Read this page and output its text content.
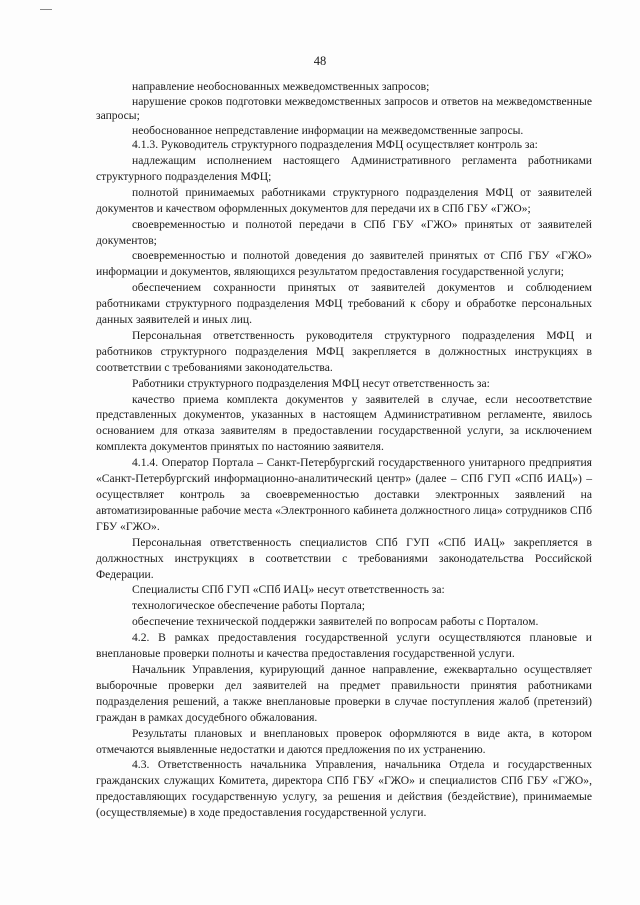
48

направление необоснованных межведомственных запросов;

нарушение сроков подготовки межведомственных запросов и ответов на межведомственные запросы;

необоснованное непредставление информации на межведомственные запросы.

4.1.3. Руководитель структурного подразделения МФЦ осуществляет контроль за:

надлежащим исполнением настоящего Административного регламента работниками структурного подразделения МФЦ;

полнотой принимаемых работниками структурного подразделения МФЦ от заявителей документов и качеством оформленных документов для передачи их в СПб ГБУ «ГЖО»;

своевременностью и полнотой передачи в СПб ГБУ «ГЖО» принятых от заявителей документов;

своевременностью и полнотой доведения до заявителей принятых от СПб ГБУ «ГЖО» информации и документов, являющихся результатом предоставления государственной услуги;

обеспечением сохранности принятых от заявителей документов и соблюдением работниками структурного подразделения МФЦ требований к сбору и обработке персональных данных заявителей и иных лиц.

Персональная ответственность руководителя структурного подразделения МФЦ и работников структурного подразделения МФЦ закрепляется в должностных инструкциях в соответствии с требованиями законодательства.

Работники структурного подразделения МФЦ несут ответственность за:

качество приема комплекта документов у заявителей в случае, если несоответствие представленных документов, указанных в настоящем Административном регламенте, явилось основанием для отказа заявителям в предоставлении государственной услуги, за исключением комплекта документов принятых по настоянию заявителя.

4.1.4. Оператор Портала – Санкт-Петербургский государственного унитарного предприятия «Санкт-Петербургский информационно-аналитический центр» (далее – СПб ГУП «СПб ИАЦ») – осуществляет контроль за своевременностью доставки электронных заявлений на автоматизированные рабочие места «Электронного кабинета должностного лица» сотрудников СПб ГБУ «ГЖО».

Персональная ответственность специалистов СПб ГУП «СПб ИАЦ» закрепляется в должностных инструкциях в соответствии с требованиями законодательства Российской Федерации.

Специалисты СПб ГУП «СПб ИАЦ» несут ответственность за:

технологическое обеспечение работы Портала;

обеспечение технической поддержки заявителей по вопросам работы с Порталом.

4.2. В рамках предоставления государственной услуги осуществляются плановые и внеплановые проверки полноты и качества предоставления государственной услуги.

Начальник Управления, курирующий данное направление, ежеквартально осуществляет выборочные проверки дел заявителей на предмет правильности принятия работниками подразделения решений, а также внеплановые проверки в случае поступления жалоб (претензий) граждан в рамках досудебного обжалования.

Результаты плановых и внеплановых проверок оформляются в виде акта, в котором отмечаются выявленные недостатки и даются предложения по их устранению.

4.3. Ответственность начальника Управления, начальника Отдела и государственных гражданских служащих Комитета, директора СПб ГБУ «ГЖО» и специалистов СПб ГБУ «ГЖО», предоставляющих государственную услугу, за решения и действия (бездействие), принимаемые (осуществляемые) в ходе предоставления государственной услуги.
